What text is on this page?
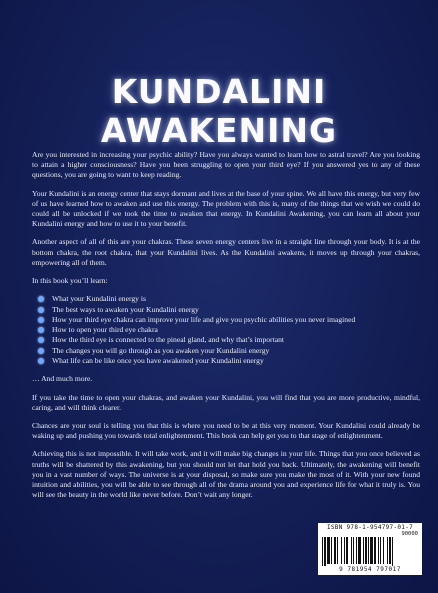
KUNDALINI
AWAKENING

Are you interested in increasing your psychic ability? Have you always wanted to learn how to astral travel? Are you looking to attain a higher consciousness? Have you been struggling to open your third eye? If you answered yes to any of these questions, you are going to want to keep reading.

Your Kundalini is an energy center that stays dormant and lives at the base of your spine. We all have this energy, but very few of us have learned how to awaken and use this energy. The problem with this is, many of the things that we wish we could do could all be unlocked if we took the time to awaken that energy. In Kundalini Awakening, you can learn all about your Kundalini energy and how to use it to your benefit.

Another aspect of all of this are your chakras. These seven energy centers live in a straight line through your body. It is at the bottom chakra, the root chakra, that your Kundalini lives. As the Kundalini awakens, it moves up through your chakras, empowering all of them.

In this book you’ll learn:

What your Kundalini energy is
The best ways to awaken your Kundalini energy
How your third eye chakra can improve your life and give you psychic abilities you never imagined
How to open your third eye chakra
How the third eye is connected to the pineal gland, and why that’s important
The changes you will go through as you awaken your Kundalini energy
What life can be like once you have awakened your Kundalini energy

… And much more.

If you take the time to open your chakras, and awaken your Kundalini, you will find that you are more productive, mindful, caring, and will think clearer.

Chances are your soul is telling you that this is where you need to be at this very moment. Your Kundalini could already be waking up and pushing you towards total enlightenment. This book can help get you to that stage of enlightenment.

Achieving this is not impossible. It will take work, and it will make big changes in your life. Things that you once believed as truths will be shattered by this awakening, but you should not let that hold you back. Ultimately, the awakening will benefit you in a vast number of ways. The universe is at your disposal, so make sure you make the most of it. With your new found intuition and abilities, you will be able to see through all of the drama around you and experience life for what it truly is. You will see the beauty in the world like never before. Don’t wait any longer.

ISBN 978-1-954797-01-7
90000
9 781954 797017
